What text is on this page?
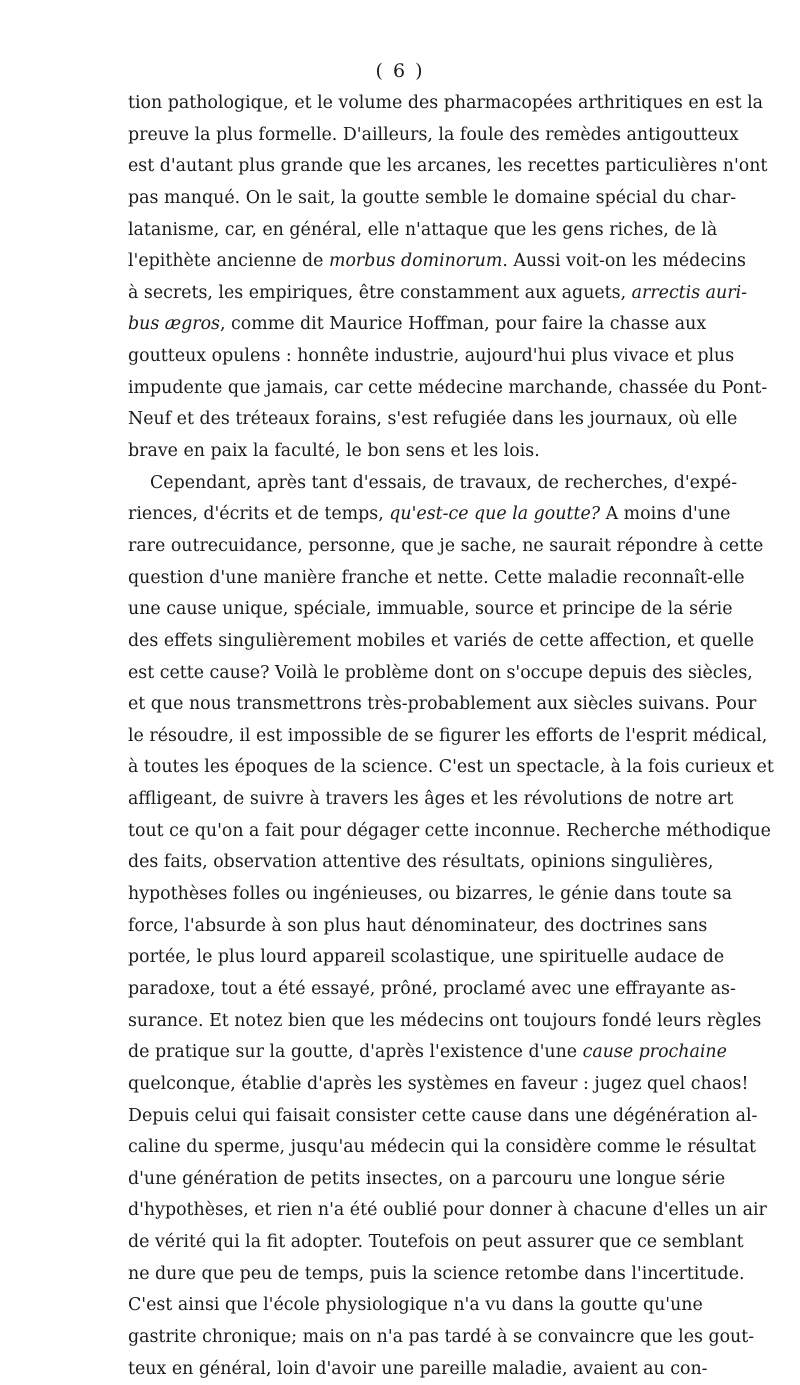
( 6 )
tion pathologique, et le volume des pharmacopées arthritiques en est la
preuve la plus formelle. D'ailleurs, la foule des remèdes antigoutteux
est d'autant plus grande que les arcanes, les recettes particulières n'ont
pas manqué. On le sait, la goutte semble le domaine spécial du char-
latanisme, car, en général, elle n'attaque que les gens riches, de là
l'epithète ancienne de morbus dominorum. Aussi voit-on les médecins
à secrets, les empiriques, être constamment aux aguets, arrectis auri-
bus ægros, comme dit Maurice Hoffman, pour faire la chasse aux
goutteux opulens : honnête industrie, aujourd'hui plus vivace et plus
impudente que jamais, car cette médecine marchande, chassée du Pont-
Neuf et des tréteaux forains, s'est refugiée dans les journaux, où elle
brave en paix la faculté, le bon sens et les lois.
Cependant, après tant d'essais, de travaux, de recherches, d'expé-
riences, d'écrits et de temps, qu'est-ce que la goutte? A moins d'une
rare outrecuidance, personne, que je sache, ne saurait répondre à cette
question d'une manière franche et nette. Cette maladie reconnaît-elle
une cause unique, spéciale, immuable, source et principe de la série
des effets singulièrement mobiles et variés de cette affection, et quelle
est cette cause? Voilà le problème dont on s'occupe depuis des siècles,
et que nous transmettrons très-probablement aux siècles suivans. Pour
le résoudre, il est impossible de se figurer les efforts de l'esprit médical,
à toutes les époques de la science. C'est un spectacle, à la fois curieux et
affligeant, de suivre à travers les âges et les révolutions de notre art
tout ce qu'on a fait pour dégager cette inconnue. Recherche méthodique
des faits, observation attentive des résultats, opinions singulières,
hypothèses folles ou ingénieuses, ou bizarres, le génie dans toute sa
force, l'absurde à son plus haut dénominateur, des doctrines sans
portée, le plus lourd appareil scolastique, une spirituelle audace de
paradoxe, tout a été essayé, prôné, proclamé avec une effrayante as-
surance. Et notez bien que les médecins ont toujours fondé leurs règles
de pratique sur la goutte, d'après l'existence d'une cause prochaine
quelconque, établie d'après les systèmes en faveur : jugez quel chaos!
Depuis celui qui faisait consister cette cause dans une dégénération al-
caline du sperme, jusqu'au médecin qui la considère comme le résultat
d'une génération de petits insectes, on a parcouru une longue série
d'hypothèses, et rien n'a été oublié pour donner à chacune d'elles un air
de vérité qui la fit adopter. Toutefois on peut assurer que ce semblant
ne dure que peu de temps, puis la science retombe dans l'incertitude.
C'est ainsi que l'école physiologique n'a vu dans la goutte qu'une
gastrite chronique; mais on n'a pas tardé à se convaincre que les gout-
teux en général, loin d'avoir une pareille maladie, avaient au con-
